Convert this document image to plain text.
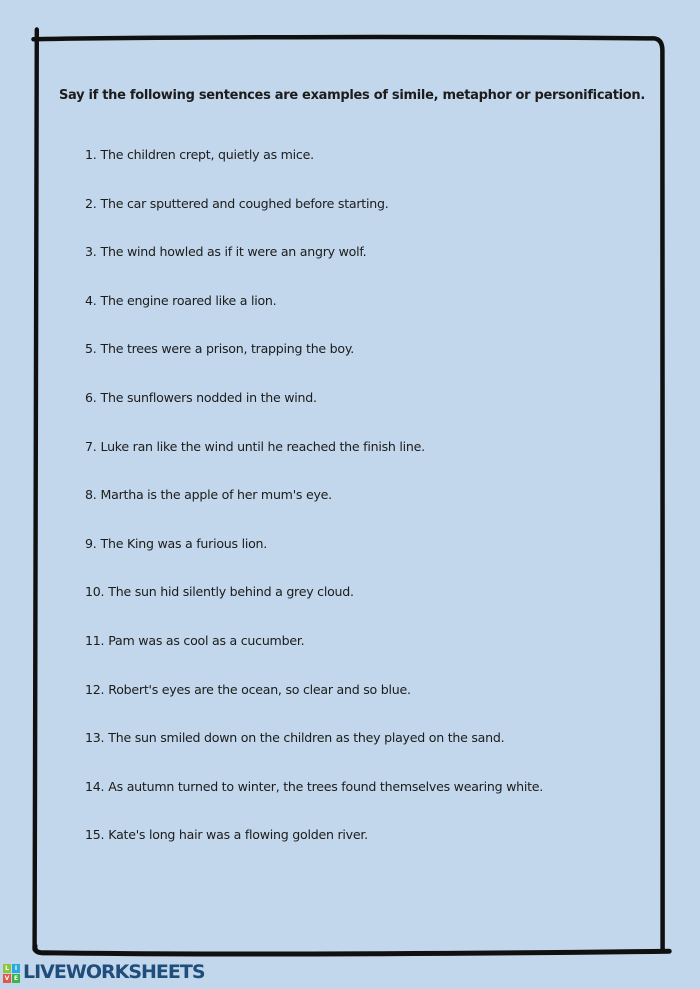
Say if the following sentences are examples of simile, metaphor or personification.
1. The children crept, quietly as mice.
2. The car sputtered and coughed before starting.
3. The wind howled as if it were an angry wolf.
4. The engine roared like a lion.
5. The trees were a prison, trapping the boy.
6. The sunflowers nodded in the wind.
7. Luke ran like the wind until he reached the finish line.
8. Martha is the apple of her mum's eye.
9. The King was a furious lion.
10. The sun hid silently behind a grey cloud.
11. Pam was as cool as a cucumber.
12. Robert's eyes are the ocean, so clear and so blue.
13. The sun smiled down on the children as they played on the sand.
14. As autumn turned to winter, the trees found themselves wearing white.
15. Kate's long hair was a flowing golden river.
L I
V E LIVEWORKSHEETS
